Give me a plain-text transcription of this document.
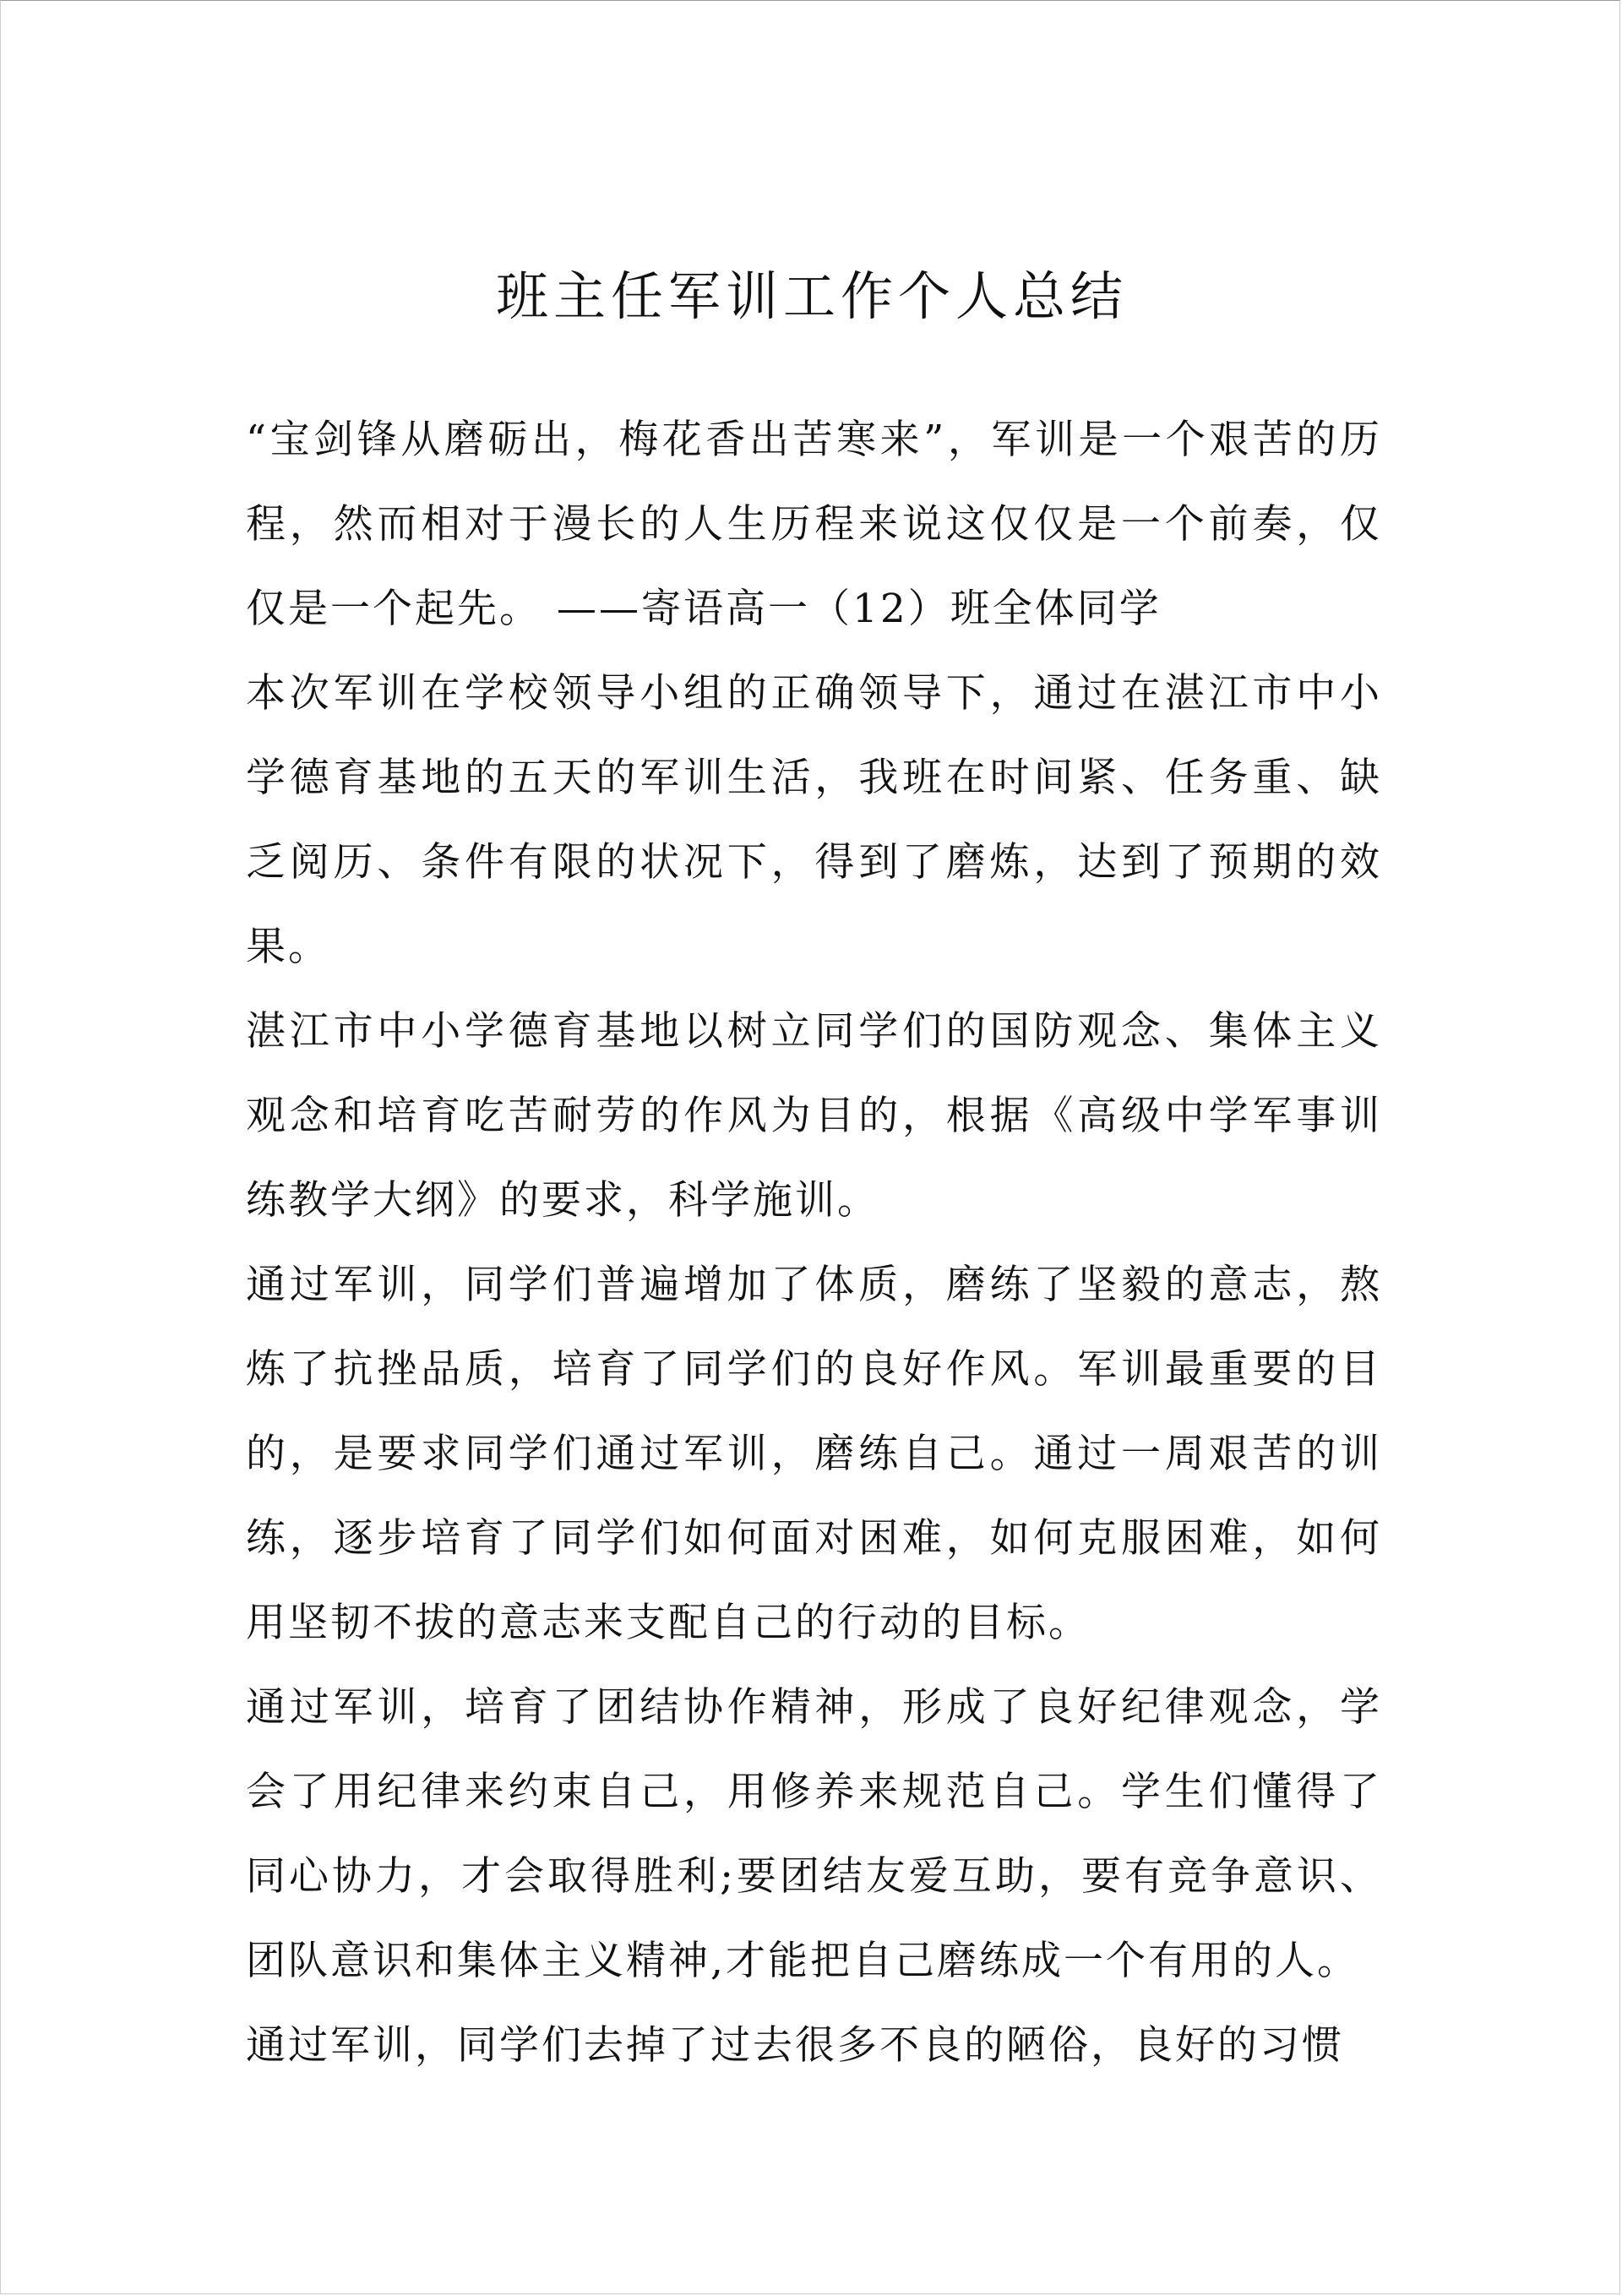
班主任军训工作个人总结

“宝剑锋从磨砺出，梅花香出苦寒来”，军训是一个艰苦的历程，然而相对于漫长的人生历程来说这仅仅是一个前奏，仅仅是一个起先。 ——寄语高一（12）班全体同学

本次军训在学校领导小组的正确领导下，通过在湛江市中小学德育基地的五天的军训生活，我班在时间紧、任务重、缺乏阅历、条件有限的状况下，得到了磨炼，达到了预期的效果。

湛江市中小学德育基地以树立同学们的国防观念、集体主义观念和培育吃苦耐劳的作风为目的，根据《高级中学军事训练教学大纲》的要求，科学施训。

通过军训，同学们普遍增加了体质，磨练了坚毅的意志，熬炼了抗挫品质，培育了同学们的良好作风。军训最重要的目的，是要求同学们通过军训，磨练自己。通过一周艰苦的训练，逐步培育了同学们如何面对困难，如何克服困难，如何用坚韧不拔的意志来支配自己的行动的目标。

通过军训，培育了团结协作精神，形成了良好纪律观念，学会了用纪律来约束自己，用修养来规范自己。学生们懂得了同心协力，才会取得胜利;要团结友爱互助，要有竞争意识、团队意识和集体主义精神,才能把自己磨练成一个有用的人。

通过军训，同学们去掉了过去很多不良的陋俗，良好的习惯
